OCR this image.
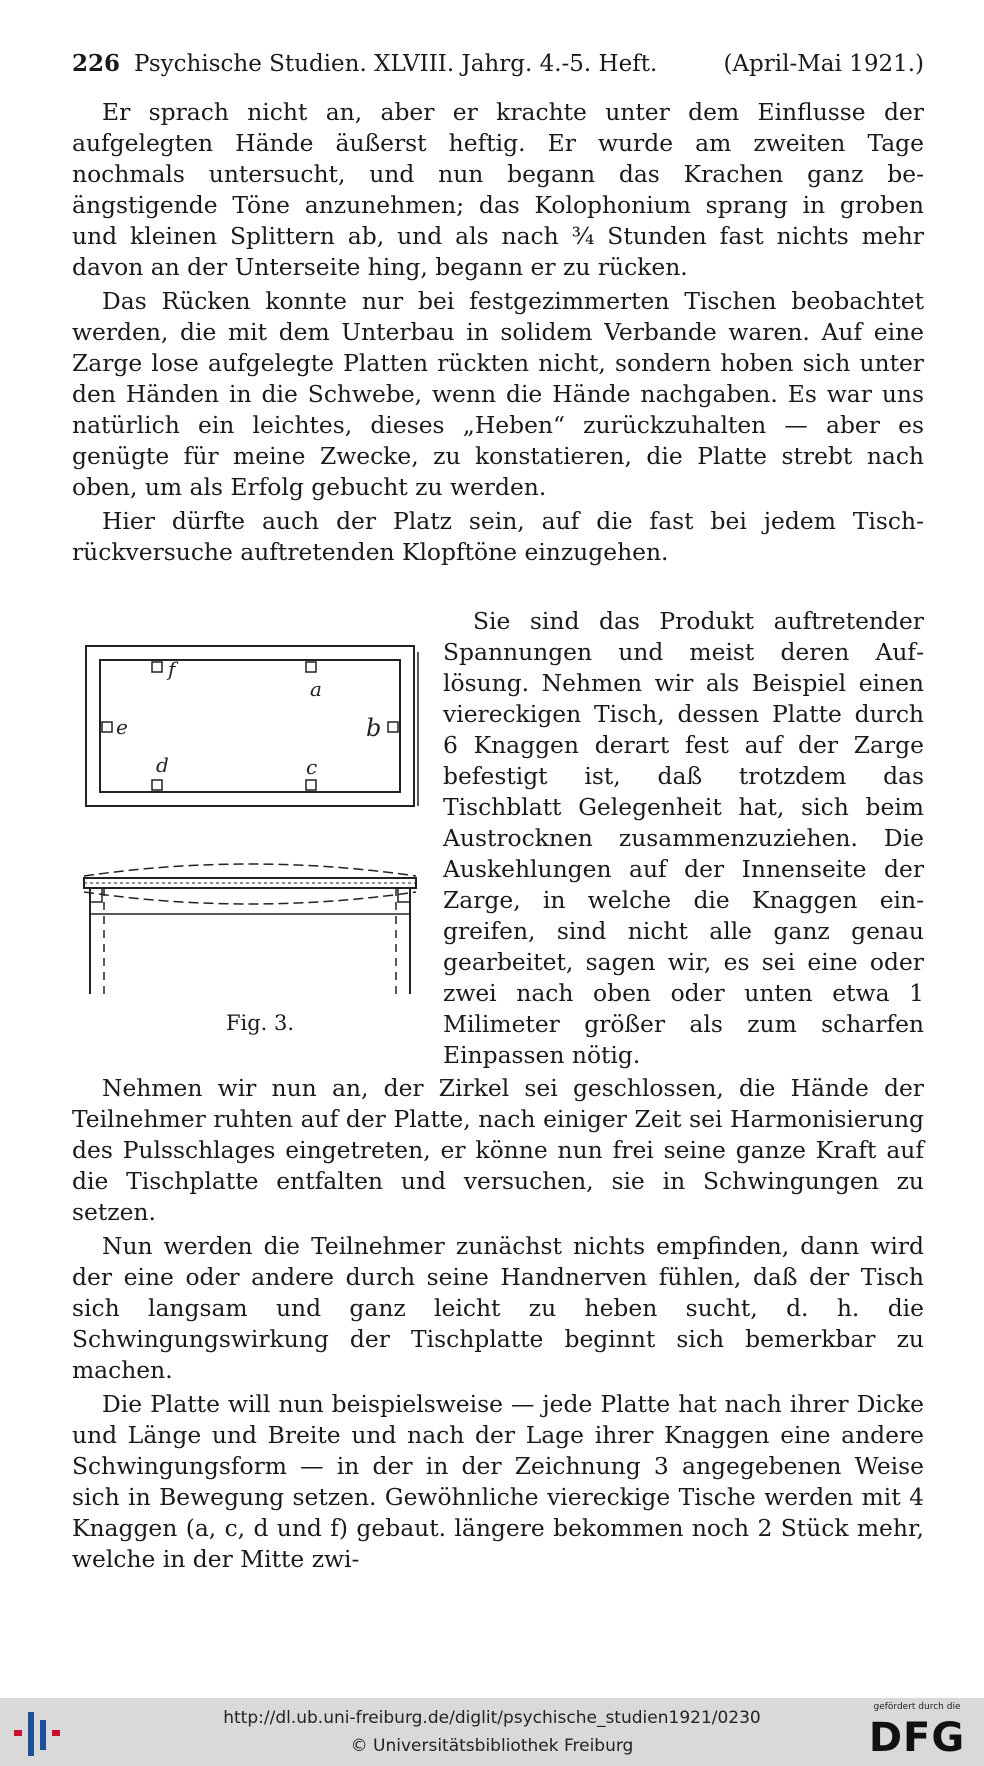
226 Psychische Studien. XLVIII. Jahrg. 4.-5. Heft.	(April-Mai 1921.)

Er sprach nicht an, aber er krachte unter dem Einflusse der aufgelegten Hände äußerst heftig. Er wurde am zweiten Tage nochmals untersucht, und nun begann das Krachen ganz beängstigende Töne anzunehmen; das Kolophonium sprang in groben und kleinen Splittern ab, und als nach ¾ Stunden fast nichts mehr davon an der Unterseite hing, begann er zu rücken.

Das Rücken konnte nur bei festgezimmerten Tischen beobachtet werden, die mit dem Unterbau in solidem Verbande waren. Auf eine Zarge lose aufgelegte Platten rückten nicht, sondern hoben sich unter den Händen in die Schwebe, wenn die Hände nachgaben. Es war uns natürlich ein leichtes, dieses „Heben“ zurückzuhalten — aber es genügte für meine Zwecke, zu konstatieren, die Platte strebt nach oben, um als Erfolg gebucht zu werden.

Hier dürfte auch der Platz sein, auf die fast bei jedem Tischrückversuche auftretenden Klopftöne einzugehen.

f
a
e	b
d	c
Fig. 3.

Sie sind das Produkt auftretender Spannungen und meist deren Auflösung. Nehmen wir als Beispiel einen viereckigen Tisch, dessen Platte durch 6 Knaggen derart fest auf der Zarge befestigt ist, daß trotzdem das Tischblatt Gelegenheit hat, sich beim Austrocknen zusammenzuziehen. Die Auskehlungen auf der Innenseite der Zarge, in welche die Knaggen eingreifen, sind nicht alle ganz genau gearbeitet, sagen wir, es sei eine oder zwei nach oben oder unten etwa 1 Milimeter größer als zum scharfen Einpassen nötig.

Nehmen wir nun an, der Zirkel sei geschlossen, die Hände der Teilnehmer ruhten auf der Platte, nach einiger Zeit sei Harmonisierung des Pulsschlages eingetreten, er könne nun frei seine ganze Kraft auf die Tischplatte entfalten und versuchen, sie in Schwingungen zu setzen.

Nun werden die Teilnehmer zunächst nichts empfinden, dann wird der eine oder andere durch seine Handnerven fühlen, daß der Tisch sich langsam und ganz leicht zu heben sucht, d. h. die Schwingungswirkung der Tischplatte beginnt sich bemerkbar zu machen.

Die Platte will nun beispielsweise — jede Platte hat nach ihrer Dicke und Länge und Breite und nach der Lage ihrer Knaggen eine andere Schwingungsform — in der in der Zeichnung 3 angegebenen Weise sich in Bewegung setzen. Gewöhnliche viereckige Tische werden mit 4 Knaggen (a, c, d und f) gebaut. längere bekommen noch 2 Stück mehr, welche in der Mitte zwi-

http://dl.ub.uni-freiburg.de/diglit/psychische_studien1921/0230
© Universitätsbibliothek Freiburg
gefördert durch die
DFG
